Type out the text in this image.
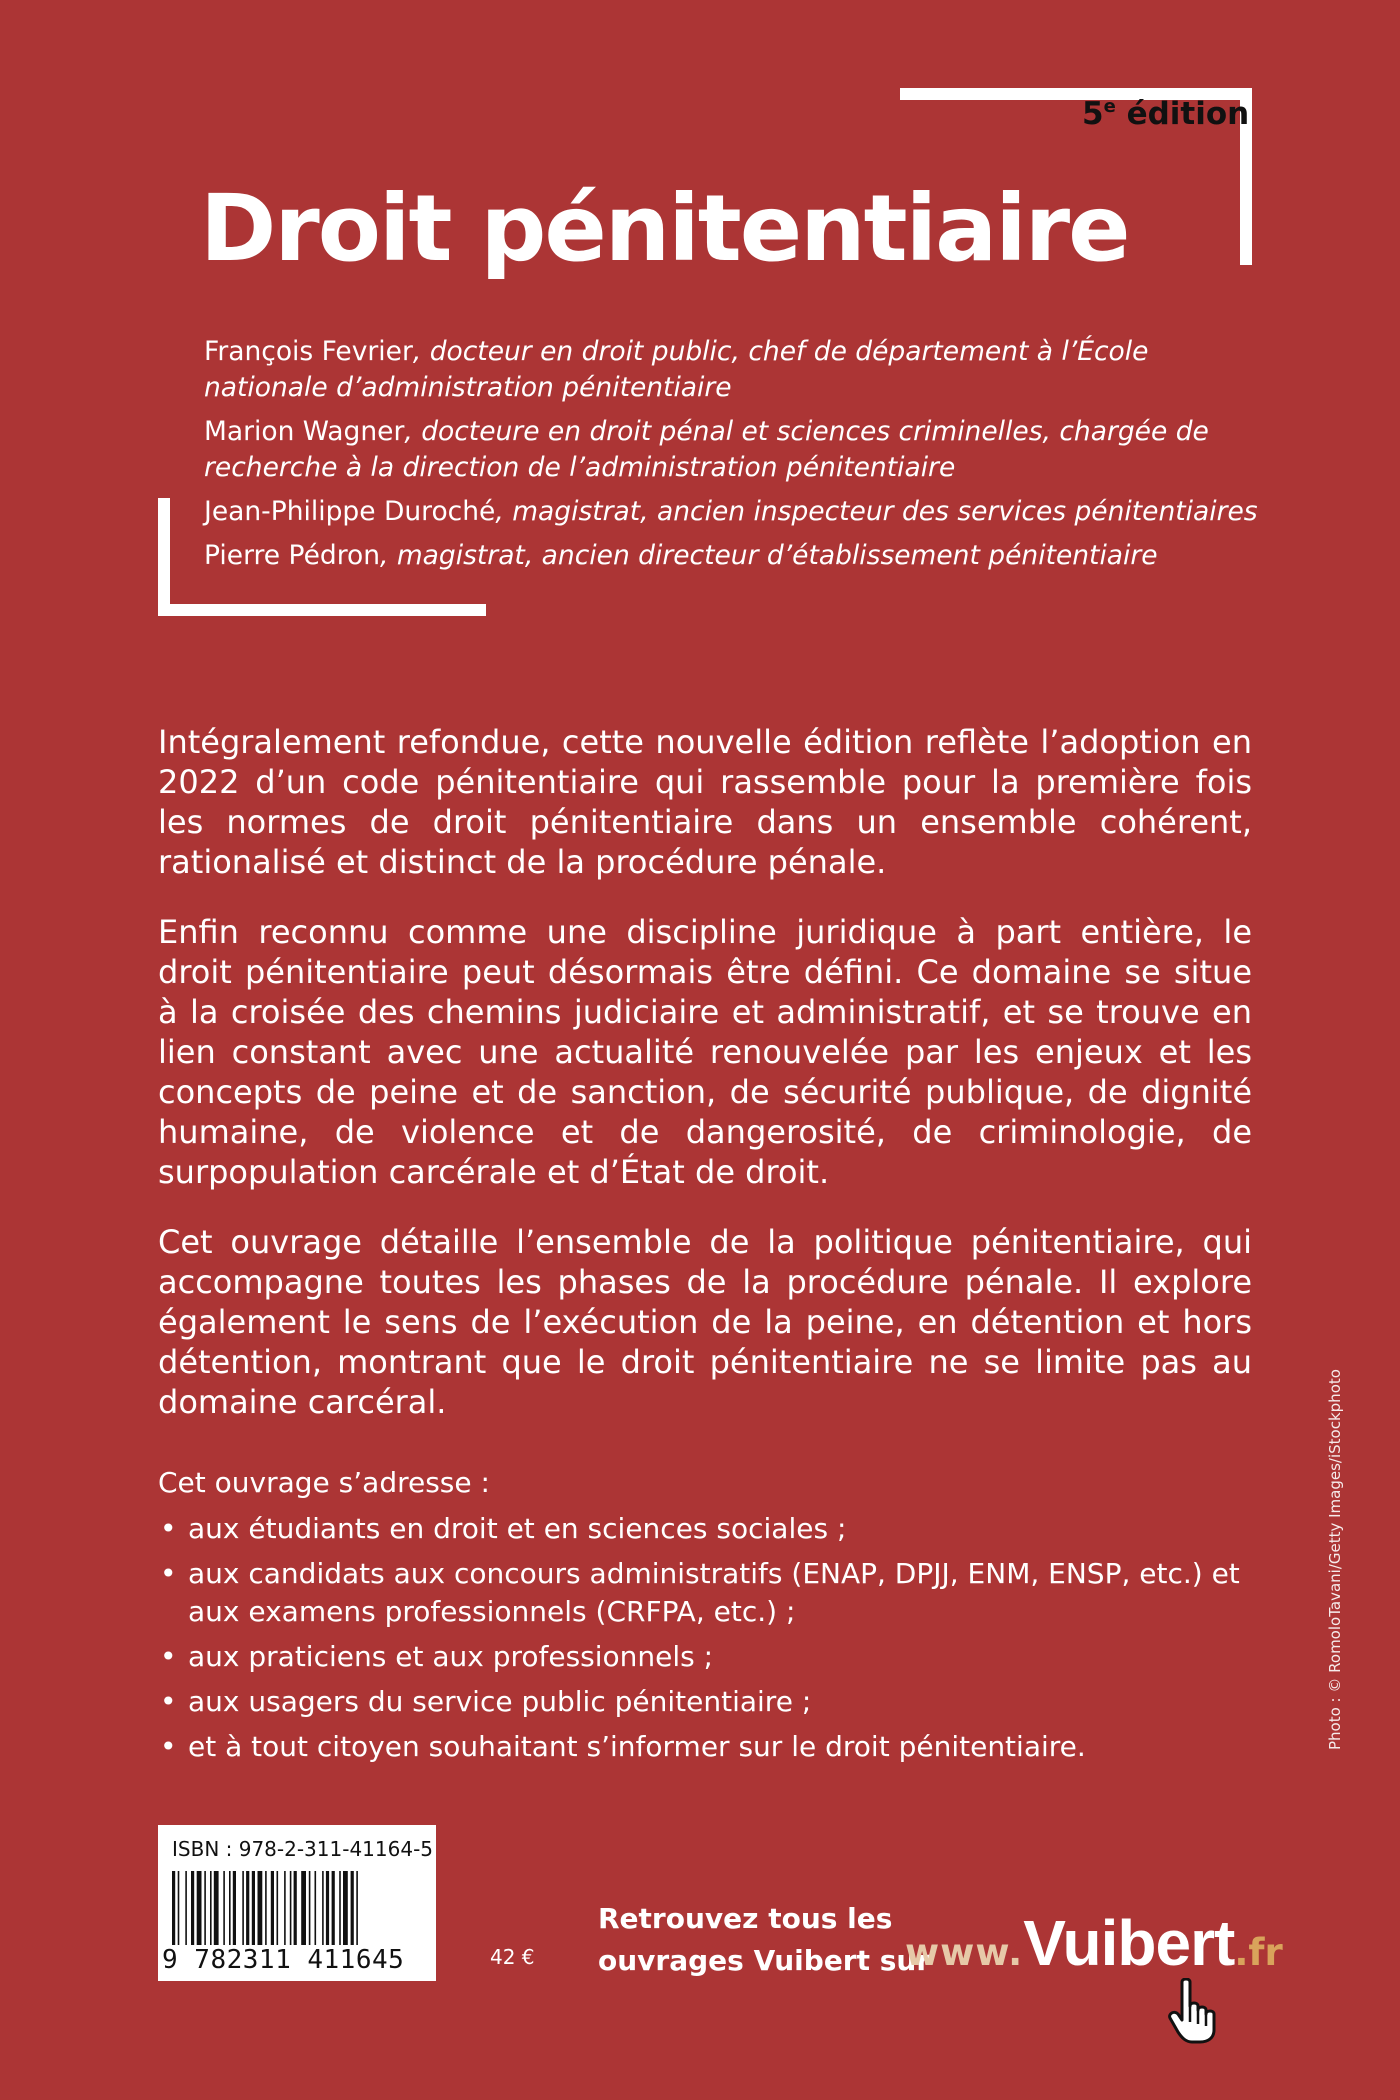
5e édition
Droit pénitentiaire
François Fevrier, docteur en droit public, chef de département à l’École nationale d’administration pénitentiaire
Marion Wagner, docteure en droit pénal et sciences criminelles, chargée de recherche à la direction de l’administration pénitentiaire
Jean-Philippe Duroché, magistrat, ancien inspecteur des services pénitentiaires
Pierre Pédron, magistrat, ancien directeur d’établissement pénitentiaire

Intégralement refondue, cette nouvelle édition reflète l’adoption en 2022 d’un code pénitentiaire qui rassemble pour la première fois les normes de droit pénitentiaire dans un ensemble cohérent, rationalisé et distinct de la procédure pénale.

Enfin reconnu comme une discipline juridique à part entière, le droit pénitentiaire peut désormais être défini. Ce domaine se situe à la croisée des chemins judiciaire et administratif, et se trouve en lien constant avec une actualité renouvelée par les enjeux et les concepts de peine et de sanction, de sécurité publique, de dignité humaine, de violence et de dangerosité, de criminologie, de surpopulation carcérale et d’État de droit.

Cet ouvrage détaille l’ensemble de la politique pénitentiaire, qui accompagne toutes les phases de la procédure pénale. Il explore également le sens de l’exécution de la peine, en détention et hors détention, montrant que le droit pénitentiaire ne se limite pas au domaine carcéral.

Cet ouvrage s’adresse :

• aux étudiants en droit et en sciences sociales ;
• aux candidats aux concours administratifs (ENAP, DPJJ, ENM, ENSP, etc.) et aux examens professionnels (CRFPA, etc.) ;
• aux praticiens et aux professionnels ;
• aux usagers du service public pénitentiaire ;
• et à tout citoyen souhaitant s’informer sur le droit pénitentiaire.	Photo : © RomoloTavani/Getty Images/iStockphoto
ISBN : 978-2-311-41164-5
9 782311 411645	42 €
Retrouvez tous les
ouvrages Vuibert sur
www.Vuibert.fr
